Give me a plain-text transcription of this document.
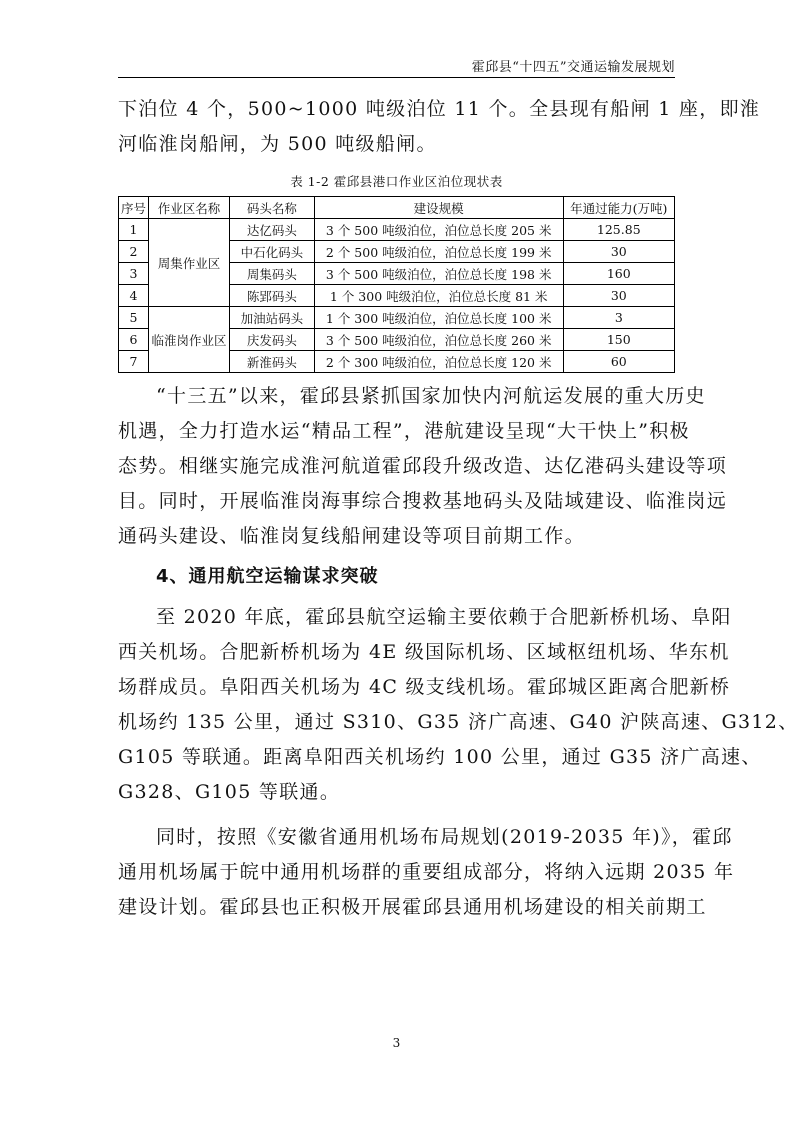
霍邱县“十四五”交通运输发展规划

下泊位 4 个，500~1000 吨级泊位 11 个。全县现有船闸 1 座，即淮

河临淮岗船闸，为 500 吨级船闸。

表 1-2 霍邱县港口作业区泊位现状表
序号	作业区名称	码头名称	建设规模	年通过能力(万吨)
1	周集作业区	达亿码头	3 个 500 吨级泊位，泊位总长度 205 米	125.85
2		中石化码头	2 个 500 吨级泊位，泊位总长度 199 米	30
3		周集码头	3 个 500 吨级泊位，泊位总长度 198 米	160
4		陈郢码头	1 个 300 吨级泊位，泊位总长度 81 米	30
5	临淮岗作业区	加油站码头	1 个 300 吨级泊位，泊位总长度 100 米	3
6		庆发码头	3 个 500 吨级泊位，泊位总长度 260 米	150
7		新淮码头	2 个 300 吨级泊位，泊位总长度 120 米	60

“十三五”以来，霍邱县紧抓国家加快内河航运发展的重大历史

机遇，全力打造水运“精品工程”，港航建设呈现“大干快上”积极

态势。相继实施完成淮河航道霍邱段升级改造、达亿港码头建设等项

目。同时，开展临淮岗海事综合搜救基地码头及陆域建设、临淮岗远

通码头建设、临淮岗复线船闸建设等项目前期工作。

4、通用航空运输谋求突破

至 2020 年底，霍邱县航空运输主要依赖于合肥新桥机场、阜阳

西关机场。合肥新桥机场为 4E 级国际机场、区域枢纽机场、华东机

场群成员。阜阳西关机场为 4C 级支线机场。霍邱城区距离合肥新桥

机场约 135 公里，通过 S310、G35 济广高速、G40 沪陕高速、G312、

G105 等联通。距离阜阳西关机场约 100 公里，通过 G35 济广高速、

G328、G105 等联通。

同时，按照《安徽省通用机场布局规划(2019-2035 年)》，霍邱

通用机场属于皖中通用机场群的重要组成部分，将纳入远期 2035 年

建设计划。霍邱县也正积极开展霍邱县通用机场建设的相关前期工

3
